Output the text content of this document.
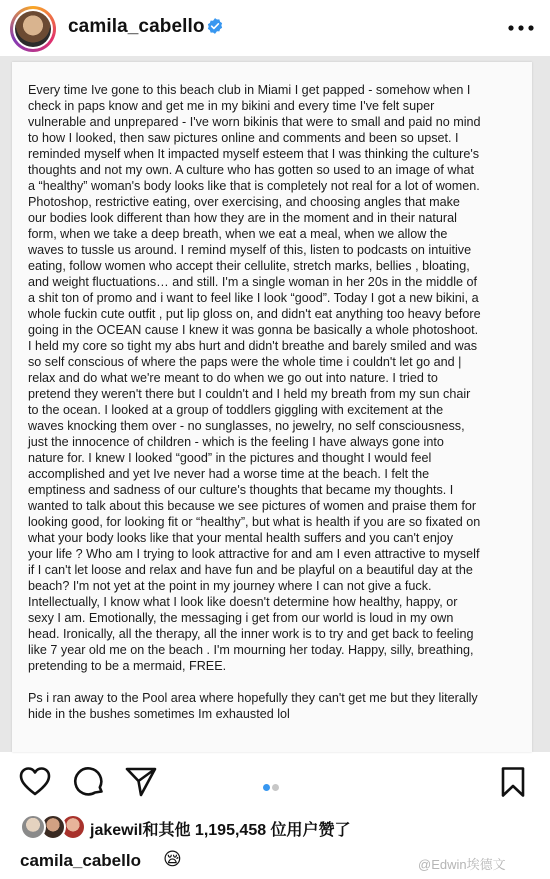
camila_cabello

Every time Ive gone to this beach club in Miami I get papped - somehow when I
check in paps know and get me in my bikini and every time I've felt super
vulnerable and unprepared - I've worn bikinis that were to small and paid no mind
to how I looked, then saw pictures online and comments and been so upset. I
reminded myself when It impacted myself esteem that I was thinking the culture's
thoughts and not my own. A culture who has gotten so used to an image of what
a “healthy” woman's body looks like that is completely not real for a lot of women.
Photoshop, restrictive eating, over exercising, and choosing angles that make
our bodies look different than how they are in the moment and in their natural
form, when we take a deep breath, when we eat a meal, when we allow the
waves to tussle us around. I remind myself of this, listen to podcasts on intuitive
eating, follow women who accept their cellulite, stretch marks, bellies , bloating,
and weight fluctuations… and still. I'm a single woman in her 20s in the middle of
a shit ton of promo and i want to feel like I look “good”. Today I got a new bikini, a
whole fuckin cute outfit , put lip gloss on, and didn't eat anything too heavy before
going in the OCEAN cause I knew it was gonna be basically a whole photoshoot.
I held my core so tight my abs hurt and didn't breathe and barely smiled and was
so self conscious of where the paps were the whole time i couldn't let go and |
relax and do what we're meant to do when we go out into nature. I tried to
pretend they weren't there but I couldn't and I held my breath from my sun chair
to the ocean. I looked at a group of toddlers giggling with excitement at the
waves knocking them over - no sunglasses, no jewelry, no self consciousness,
just the innocence of children - which is the feeling I have always gone into
nature for. I knew I looked “good” in the pictures and thought I would feel
accomplished and yet Ive never had a worse time at the beach. I felt the
emptiness and sadness of our culture's thoughts that became my thoughts. I
wanted to talk about this because we see pictures of women and praise them for
looking good, for looking fit or “healthy”, but what is health if you are so fixated on
what your body looks like that your mental health suffers and you can't enjoy
your life ? Who am I trying to look attractive for and am I even attractive to myself
if I can't let loose and relax and have fun and be playful on a beautiful day at the
beach? I'm not yet at the point in my journey where I can not give a fuck.
Intellectually, I know what I look like doesn't determine how healthy, happy, or
sexy I am. Emotionally, the messaging i get from our world is loud in my own
head. Ironically, all the therapy, all the inner work is to try and get back to feeling
like 7 year old me on the beach . I'm mourning her today. Happy, silly, breathing,
pretending to be a mermaid, FREE.

Ps i ran away to the Pool area where hopefully they can't get me but they literally
hide in the bushes sometimes Im exhausted lol

jakewil和其他 1,195,458 位用户赞了
camila_cabello 😪	@Edwin埃德文
